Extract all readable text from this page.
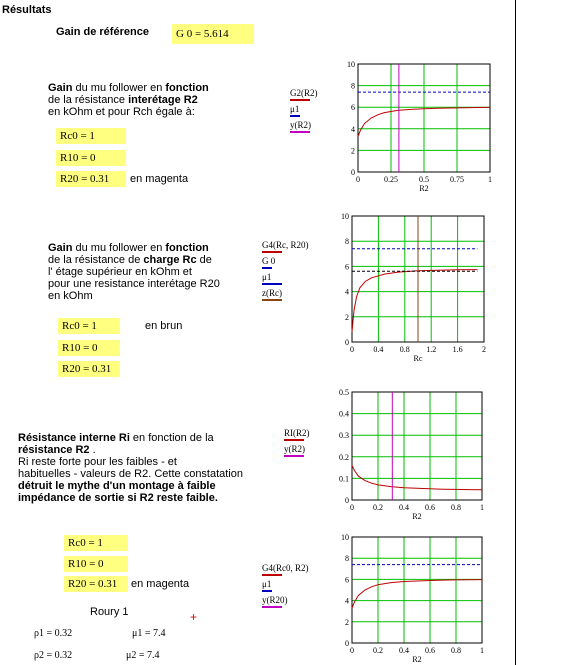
Résultats
Gain de référence	G 0 = 5.614
Gain du mu follower en fonction
de la résistance interétage R2
en kOhm et pour Rch égale à:
Rc0 = 1
R10 = 0
R20 = 0.31	en magenta
G2(R2)
μ1
y(R2)
Gain du mu follower en fonction
de la résistance de charge Rc de
l' étage supérieur en kOhm et
pour une resistance interétage R20
en kOhm
Rc0 = 1	en brun
R10 = 0
R20 = 0.31
G4(Rc, R20)
G 0
μ1
z(Rc)
Résistance interne Ri en fonction de la
résistance R2 .
Ri reste forte pour les faibles - et
habituelles - valeurs de R2. Cette constatation
détruit le mythe d'un montage à faible
impédance de sortie si R2 reste faible.
RI(R2)
y(R2)
Rc0 = 1
R10 = 0
R20 = 0.31	en magenta
Roury 1	+
ρ1 = 0.32	μ1 = 7.4
ρ2 = 0.32	μ2 = 7.4
G4(Rc0, R2)
μ1
y(R20)
0	0.25	0.5	0.75	1
0
2
4
6
8
10
R2
0 0.4 0.8 1.2 1.6 2
0
2
4
6
8
10
Rc
0 0.2 0.4 0.6 0.8 1
0
0.1
0.2
0.3
0.4
0.5
R2
0 0.2 0.4 0.6 0.8 1
0
2
4
6
8
10
R2
